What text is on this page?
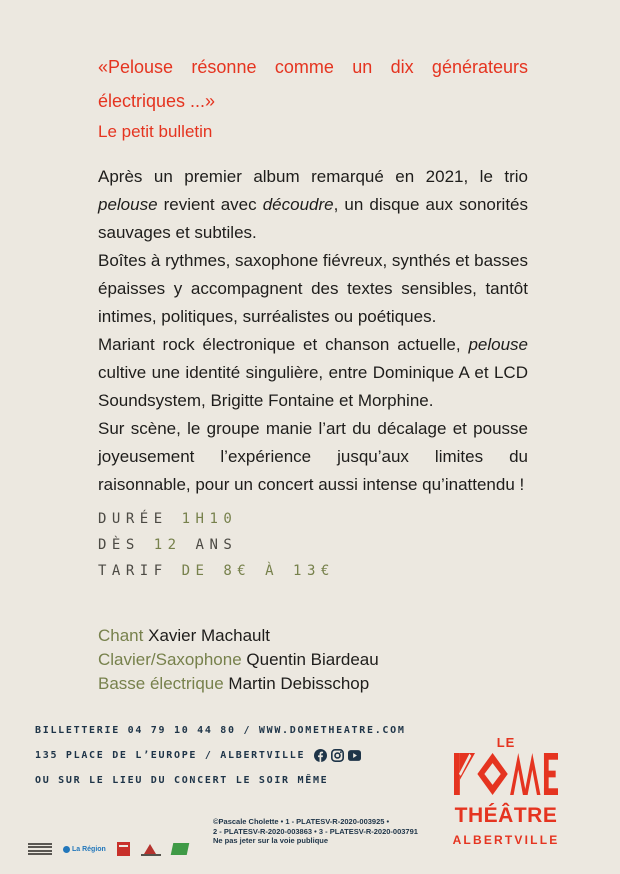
«Pelouse résonne comme un dix générateurs électriques ...»

Le petit bulletin

Après un premier album remarqué en 2021, le trio pelouse revient avec découdre, un disque aux sonorités sauvages et subtiles.

Boîtes à rythmes, saxophone fiévreux, synthés et basses épaisses y accompagnent des textes sensibles, tantôt intimes, politiques, surréalistes ou poétiques.

Mariant rock électronique et chanson actuelle, pelouse cultive une identité singulière, entre Dominique A et LCD Soundsystem, Brigitte Fontaine et Morphine.

Sur scène, le groupe manie l’art du décalage et pousse joyeusement l’expérience jusqu’aux limites du raisonnable, pour un concert aussi intense qu’inattendu !

DURÉE 1H10
DÈS 12 ANS
TARIF DE 8€ À 13€
Chant Xavier Machault
Clavier/Saxophone Quentin Biardeau
Basse électrique Martin Debisschop
BILLETTERIE 04 79 10 44 80 / WWW.DOMETHEATRE.COM
135 PLACE DE L’EUROPE / ALBERTVILLE
OU SUR LE LIEU DU CONCERT LE SOIR MÊME
LE
THÉÂTRE
ALBERTVILLE
La Région

©Pascale Cholette • 1 - PLATESV-R-2020-003925 •

2 - PLATESV-R-2020-003863 • 3 - PLATESV-R-2020-003791

Ne pas jeter sur la voie publique
